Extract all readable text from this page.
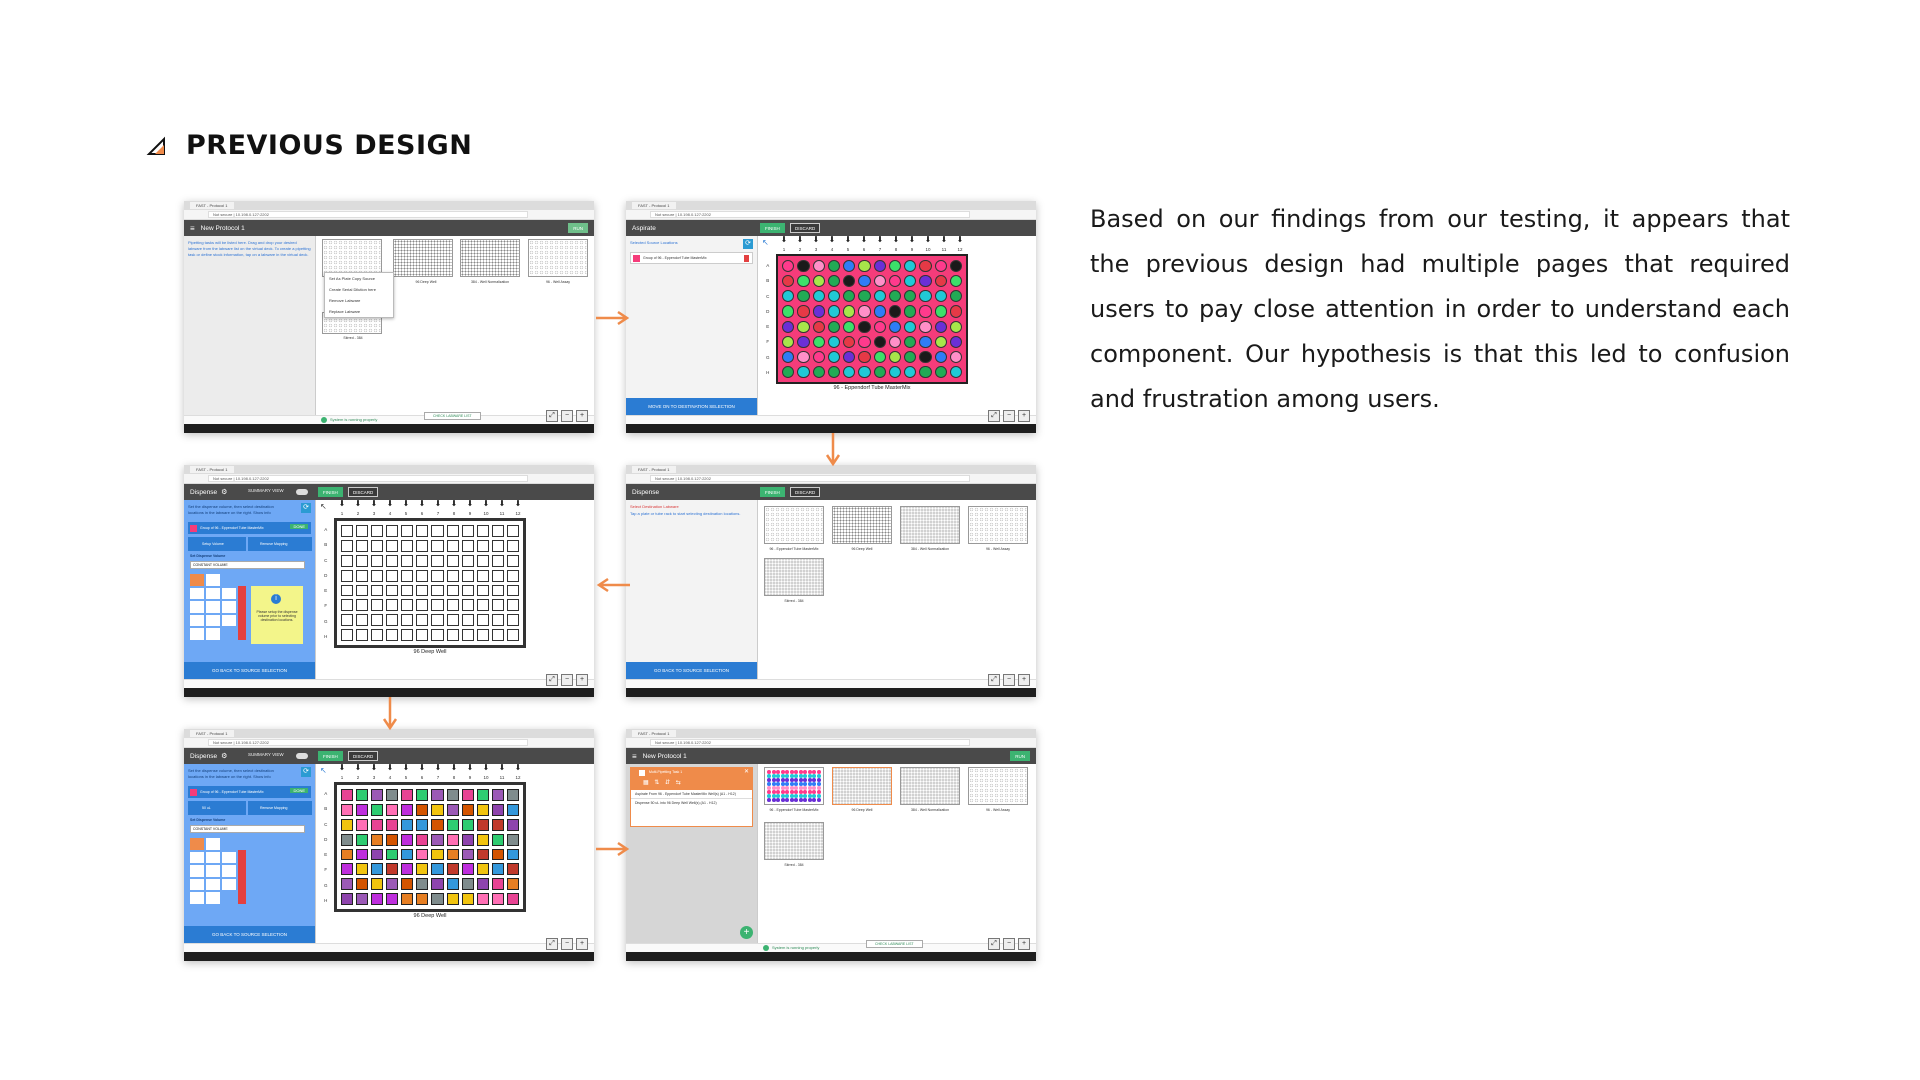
PREVIOUS DESIGN

Based on our findings from our testing, it appears that the previous design had multiple pages that required users to pay close attention in order to understand each component. Our hypothesis is that this led to confusion and frustration among users.

FAST - Protocol 1
Not secure | 10.198.0.127:2202
≡ New Protocol 1	RUN
Pipetting tasks will be listed here. Drag and drop your desired labware from the labware list on the virtual deck. To create a pipetting task or define stock information, tap on a labware in the virtual deck.
96 Deep Well	384 - Well Normalization	96 - Well Assay
Stirred - 384
Set As Plate Copy Source
Create Serial Dilution here
Remove Labware
Replace Labware
System is running properly
CHECK LABWARE LIST	⤢	−	+
FAST - Protocol 1
Not secure | 10.198.0.127:2202
Aspirate	FINISH	DISCARD
Selected Source Locations	⟳
Group of 96 - Eppendorf Tube MasterMix
MOVE ON TO DESTINATION SELECTION
↖	⬇	⬇	⬇	⬇	⬇	⬇	⬇	⬇	⬇	⬇	⬇	⬇
1	2	3	4	5	6	7	8	9	10	11	12
A
B
C
D
E
F
G
H
96 - Eppendorf Tube MasterMix
⤢	−	+
FAST - Protocol 1
Not secure | 10.198.0.127:2202
Dispense ⚙	SUMMARY VIEW	FINISH	DISCARD
Set the dispense volume, then select destination locations in the labware on the right. Show info
⟳
Group of 96 - Eppendorf Tube MasterMix	DONE
Setup Volume	Remove Mapping
Set Dispense Volume
CONSTANT VOLUME
i
Please setup the dispense volume prior to selecting destination locations.
GO BACK TO SOURCE SELECTION
↖	⬇	⬇	⬇	⬇	⬇	⬇	⬇	⬇	⬇	⬇	⬇	⬇
1	2	3	4	5	6	7	8	9	10	11	12
A
B
C
D
E
F
G
H
96 Deep Well
⤢	−	+
FAST - Protocol 1
Not secure | 10.198.0.127:2202
Dispense	FINISH	DISCARD
Select Destination Labware
Tap a plate or tube rack to start selecting destination locations.
GO BACK TO SOURCE SELECTION
96 - Eppendorf Tube MasterMix	96 Deep Well	384 - Well Normalization	96 - Well Assay
Stirred - 384
⤢	−	+
FAST - Protocol 1
Not secure | 10.198.0.127:2202
Dispense ⚙	SUMMARY VIEW	FINISH	DISCARD
Set the dispense volume, then select destination locations in the labware on the right. Show info
⟳
Group of 96 - Eppendorf Tube MasterMix	DONE
50 uL	Remove Mapping
Set Dispense Volume
CONSTANT VOLUME
GO BACK TO SOURCE SELECTION
↖	⬇	⬇	⬇	⬇	⬇	⬇	⬇	⬇	⬇	⬇	⬇	⬇
1	2	3	4	5	6	7	8	9	10	11	12
A
B
C
D
E
F
G
H
96 Deep Well
⤢	−	+
FAST - Protocol 1
Not secure | 10.198.0.127:2202
≡ New Protocol 1	RUN
Multi-Pipetting Task 1	✕
▦ ⇅ ⇵ ⇆
Aspirate From 96 - Eppendorf Tube MasterMix Well(s) (A1 - H12)
Dispense 50 uL into 96 Deep Well Well(s) (A1 - H12)
+
96 - Eppendorf Tube MasterMix	96 Deep Well	384 - Well Normalization	96 - Well Assay
Stirred - 384
System is running properly
CHECK LABWARE LIST	⤢	−	+
